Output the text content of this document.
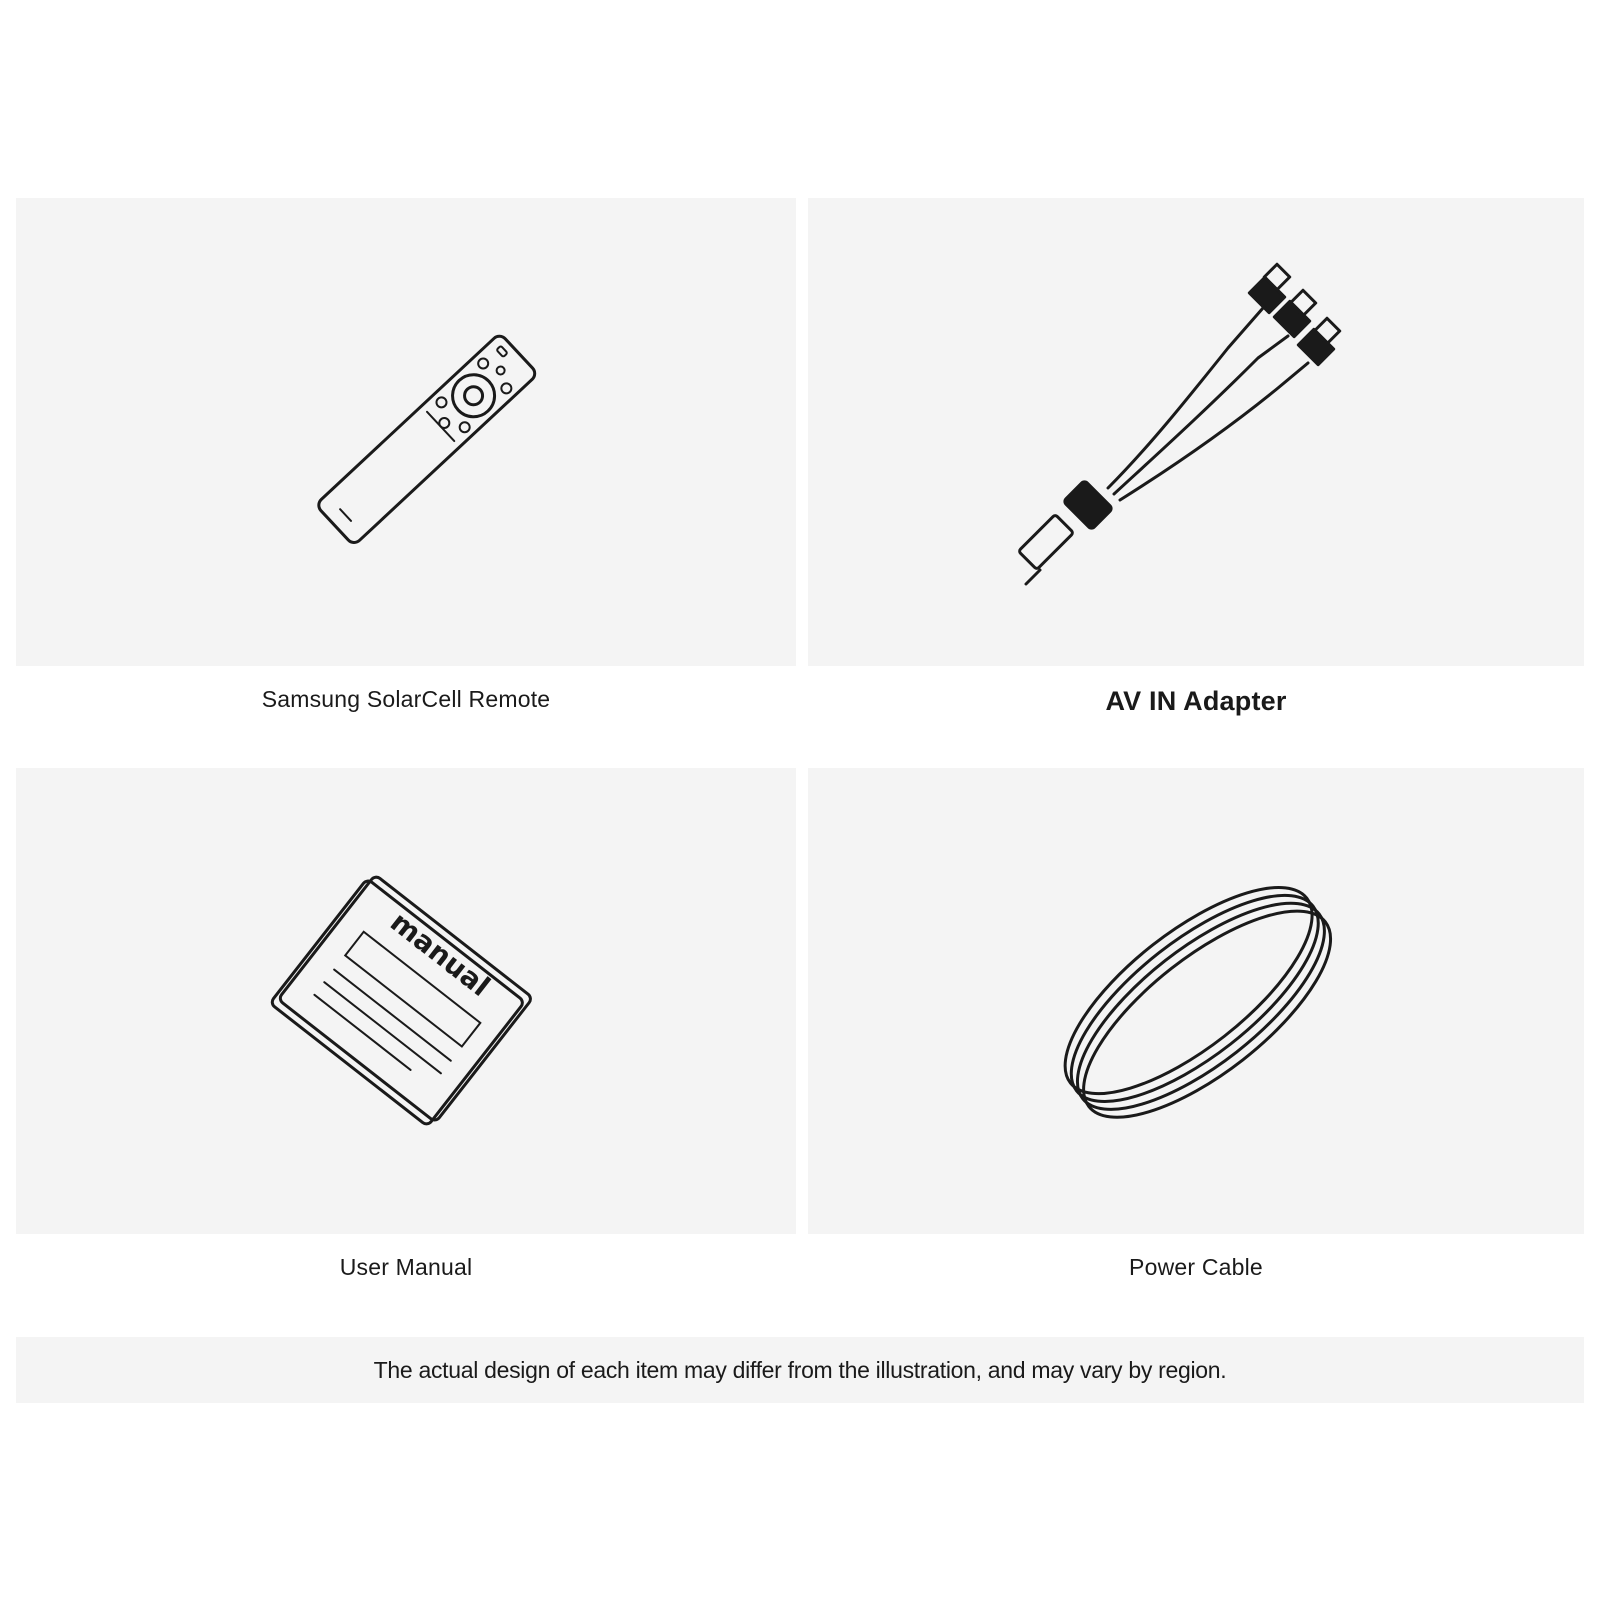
Samsung SolarCell Remote	AV IN Adapter
manual
User Manual	Power Cable
The actual design of each item may differ from the illustration, and may vary by region.
